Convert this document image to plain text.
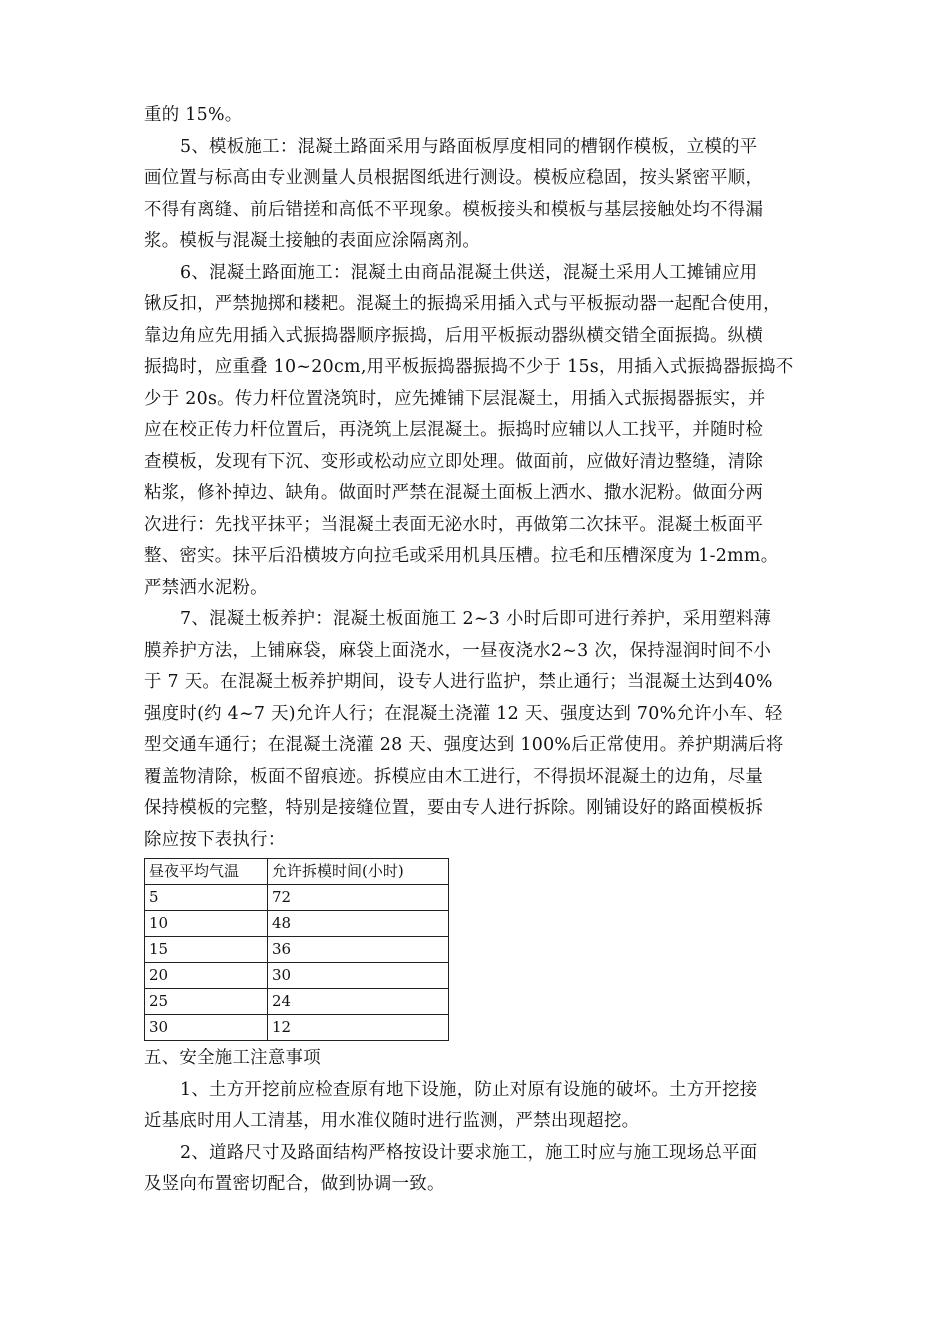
重的 15%。
5、模板施工：混凝土路面采用与路面板厚度相同的槽钢作模板，立模的平
画位置与标高由专业测量人员根据图纸进行测设。模板应稳固，按头紧密平顺，
不得有离缝、前后错搓和高低不平现象。模板接头和模板与基层接触处均不得漏
浆。模板与混凝土接触的表面应涂隔离剂。
6、混凝土路面施工：混凝土由商品混凝土供送，混凝土采用人工摊铺应用
锹反扣，严禁抛掷和耧耙。混凝土的振捣采用插入式与平板振动器一起配合使用，
靠边角应先用插入式振捣器顺序振捣，后用平板振动器纵横交错全面振捣。纵横
振捣时，应重叠 10~20cm,用平板振捣器振捣不少于 15s，用插入式振捣器振捣不
少于 20s。传力杆位置浇筑时，应先摊铺下层混凝土，用插入式振揭器振实，并
应在校正传力杆位置后，再浇筑上层混凝土。振捣时应辅以人工找平，并随时检
查模板，发现有下沉、变形或松动应立即处理。做面前，应做好清边整缝，清除
粘浆，修补掉边、缺角。做面时严禁在混凝土面板上洒水、撒水泥粉。做面分两
次进行：先找平抹平；当混凝土表面无泌水时，再做第二次抹平。混凝土板面平
整、密实。抹平后沿横坡方向拉毛或采用机具压槽。拉毛和压槽深度为 1-2mm。
严禁洒水泥粉。
7、混凝土板养护：混凝土板面施工 2~3 小时后即可进行养护，采用塑料薄
膜养护方法，上铺麻袋，麻袋上面浇水，一昼夜浇水2~3 次，保持湿润时间不小
于 7 天。在混凝土板养护期间，设专人进行监护，禁止通行；当混凝土达到40%
强度时(约 4~7 天)允许人行；在混凝土浇灌 12 天、强度达到 70%允许小车、轻
型交通车通行；在混凝土浇灌 28 天、强度达到 100%后正常使用。养护期满后将
覆盖物清除，板面不留痕迹。拆模应由木工进行，不得损坏混凝土的边角，尽量
保持模板的完整，特别是接缝位置，要由专人进行拆除。刚铺设好的路面模板拆
除应按下表执行：
昼夜平均气温	允许拆模时间(小时)
5	72
10	48
15	36
20	30
25	24
30	12
五、安全施工注意事项
1、土方开挖前应检查原有地下设施，防止对原有设施的破坏。土方开挖接
近基底时用人工清基，用水准仪随时进行监测，严禁出现超挖。
2、道路尺寸及路面结构严格按设计要求施工，施工时应与施工现场总平面
及竖向布置密切配合，做到协调一致。
